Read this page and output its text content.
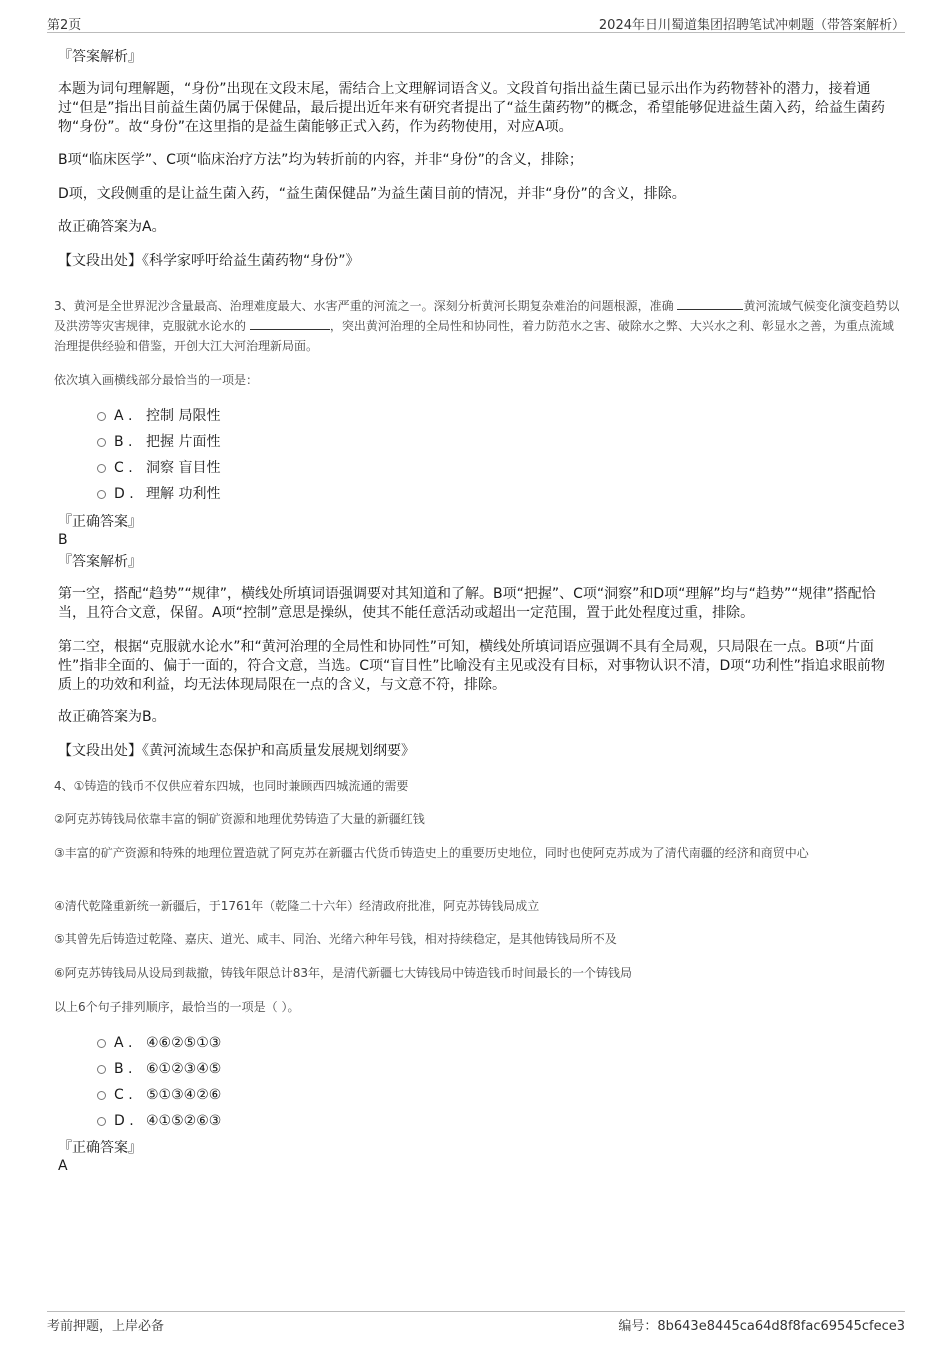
第2页	2024年日川蜀道集团招聘笔试冲刺题（带答案解析）
『答案解析』
本题为词句理解题，“身份”出现在文段末尾，需结合上文理解词语含义。文段首句指出益生菌已显示出作为药物替补的潜力，接着通过“但是”指出目前益生菌仍属于保健品，最后提出近年来有研究者提出了“益生菌药物”的概念，希望能够促进益生菌入药，给益生菌药物“身份”。故“身份”在这里指的是益生菌能够正式入药，作为药物使用，对应A项。
B项“临床医学”、C项“临床治疗方法”均为转折前的内容，并非“身份”的含义，排除；
D项，文段侧重的是让益生菌入药，“益生菌保健品”为益生菌目前的情况，并非“身份”的含义，排除。
故正确答案为A。
【文段出处】《科学家呼吁给益生菌药物“身份”》
3、黄河是全世界泥沙含量最高、治理难度最大、水害严重的河流之一。深刻分析黄河长期复杂难治的问题根源，准确	黄河流域气候变化演变趋势以及洪涝等灾害规律，克服就水论水的	，突出黄河治理的全局性和协同性，着力防范水之害、破除水之弊、大兴水之利、彰显水之善，为重点流域治理提供经验和借鉴，开创大江大河治理新局面。
依次填入画横线部分最恰当的一项是：
A . 控制 局限性
B . 把握 片面性
C . 洞察 盲目性
D . 理解 功利性
『正确答案』
B
『答案解析』
第一空，搭配“趋势”“规律”，横线处所填词语强调要对其知道和了解。B项“把握”、C项“洞察”和D项“理解”均与“趋势”“规律”搭配恰当，且符合文意，保留。A项“控制”意思是操纵，使其不能任意活动或超出一定范围，置于此处程度过重，排除。
第二空，根据“克服就水论水”和“黄河治理的全局性和协同性”可知，横线处所填词语应强调不具有全局观，只局限在一点。B项“片面性”指非全面的、偏于一面的，符合文意，当选。C项“盲目性”比喻没有主见或没有目标，对事物认识不清，D项“功利性”指追求眼前物质上的功效和利益，均无法体现局限在一点的含义，与文意不符，排除。
故正确答案为B。
【文段出处】《黄河流域生态保护和高质量发展规划纲要》
4、①铸造的钱币不仅供应着东四城，也同时兼顾西四城流通的需要
②阿克苏铸钱局依靠丰富的铜矿资源和地理优势铸造了大量的新疆红钱
③丰富的矿产资源和特殊的地理位置造就了阿克苏在新疆古代货币铸造史上的重要历史地位，同时也使阿克苏成为了清代南疆的经济和商贸中心
④清代乾隆重新统一新疆后，于1761年（乾隆二十六年）经清政府批准，阿克苏铸钱局成立
⑤其曾先后铸造过乾隆、嘉庆、道光、咸丰、同治、光绪六种年号钱，相对持续稳定，是其他铸钱局所不及
⑥阿克苏铸钱局从设局到裁撤，铸钱年限总计83年，是清代新疆七大铸钱局中铸造钱币时间最长的一个铸钱局
以上6个句子排列顺序，最恰当的一项是（ ）。
A . ④⑥②⑤①③
B . ⑥①②③④⑤
C . ⑤①③④②⑥
D . ④①⑤②⑥③
『正确答案』
A
考前押题，上岸必备	编号：8b643e8445ca64d8f8fac69545cfece3
